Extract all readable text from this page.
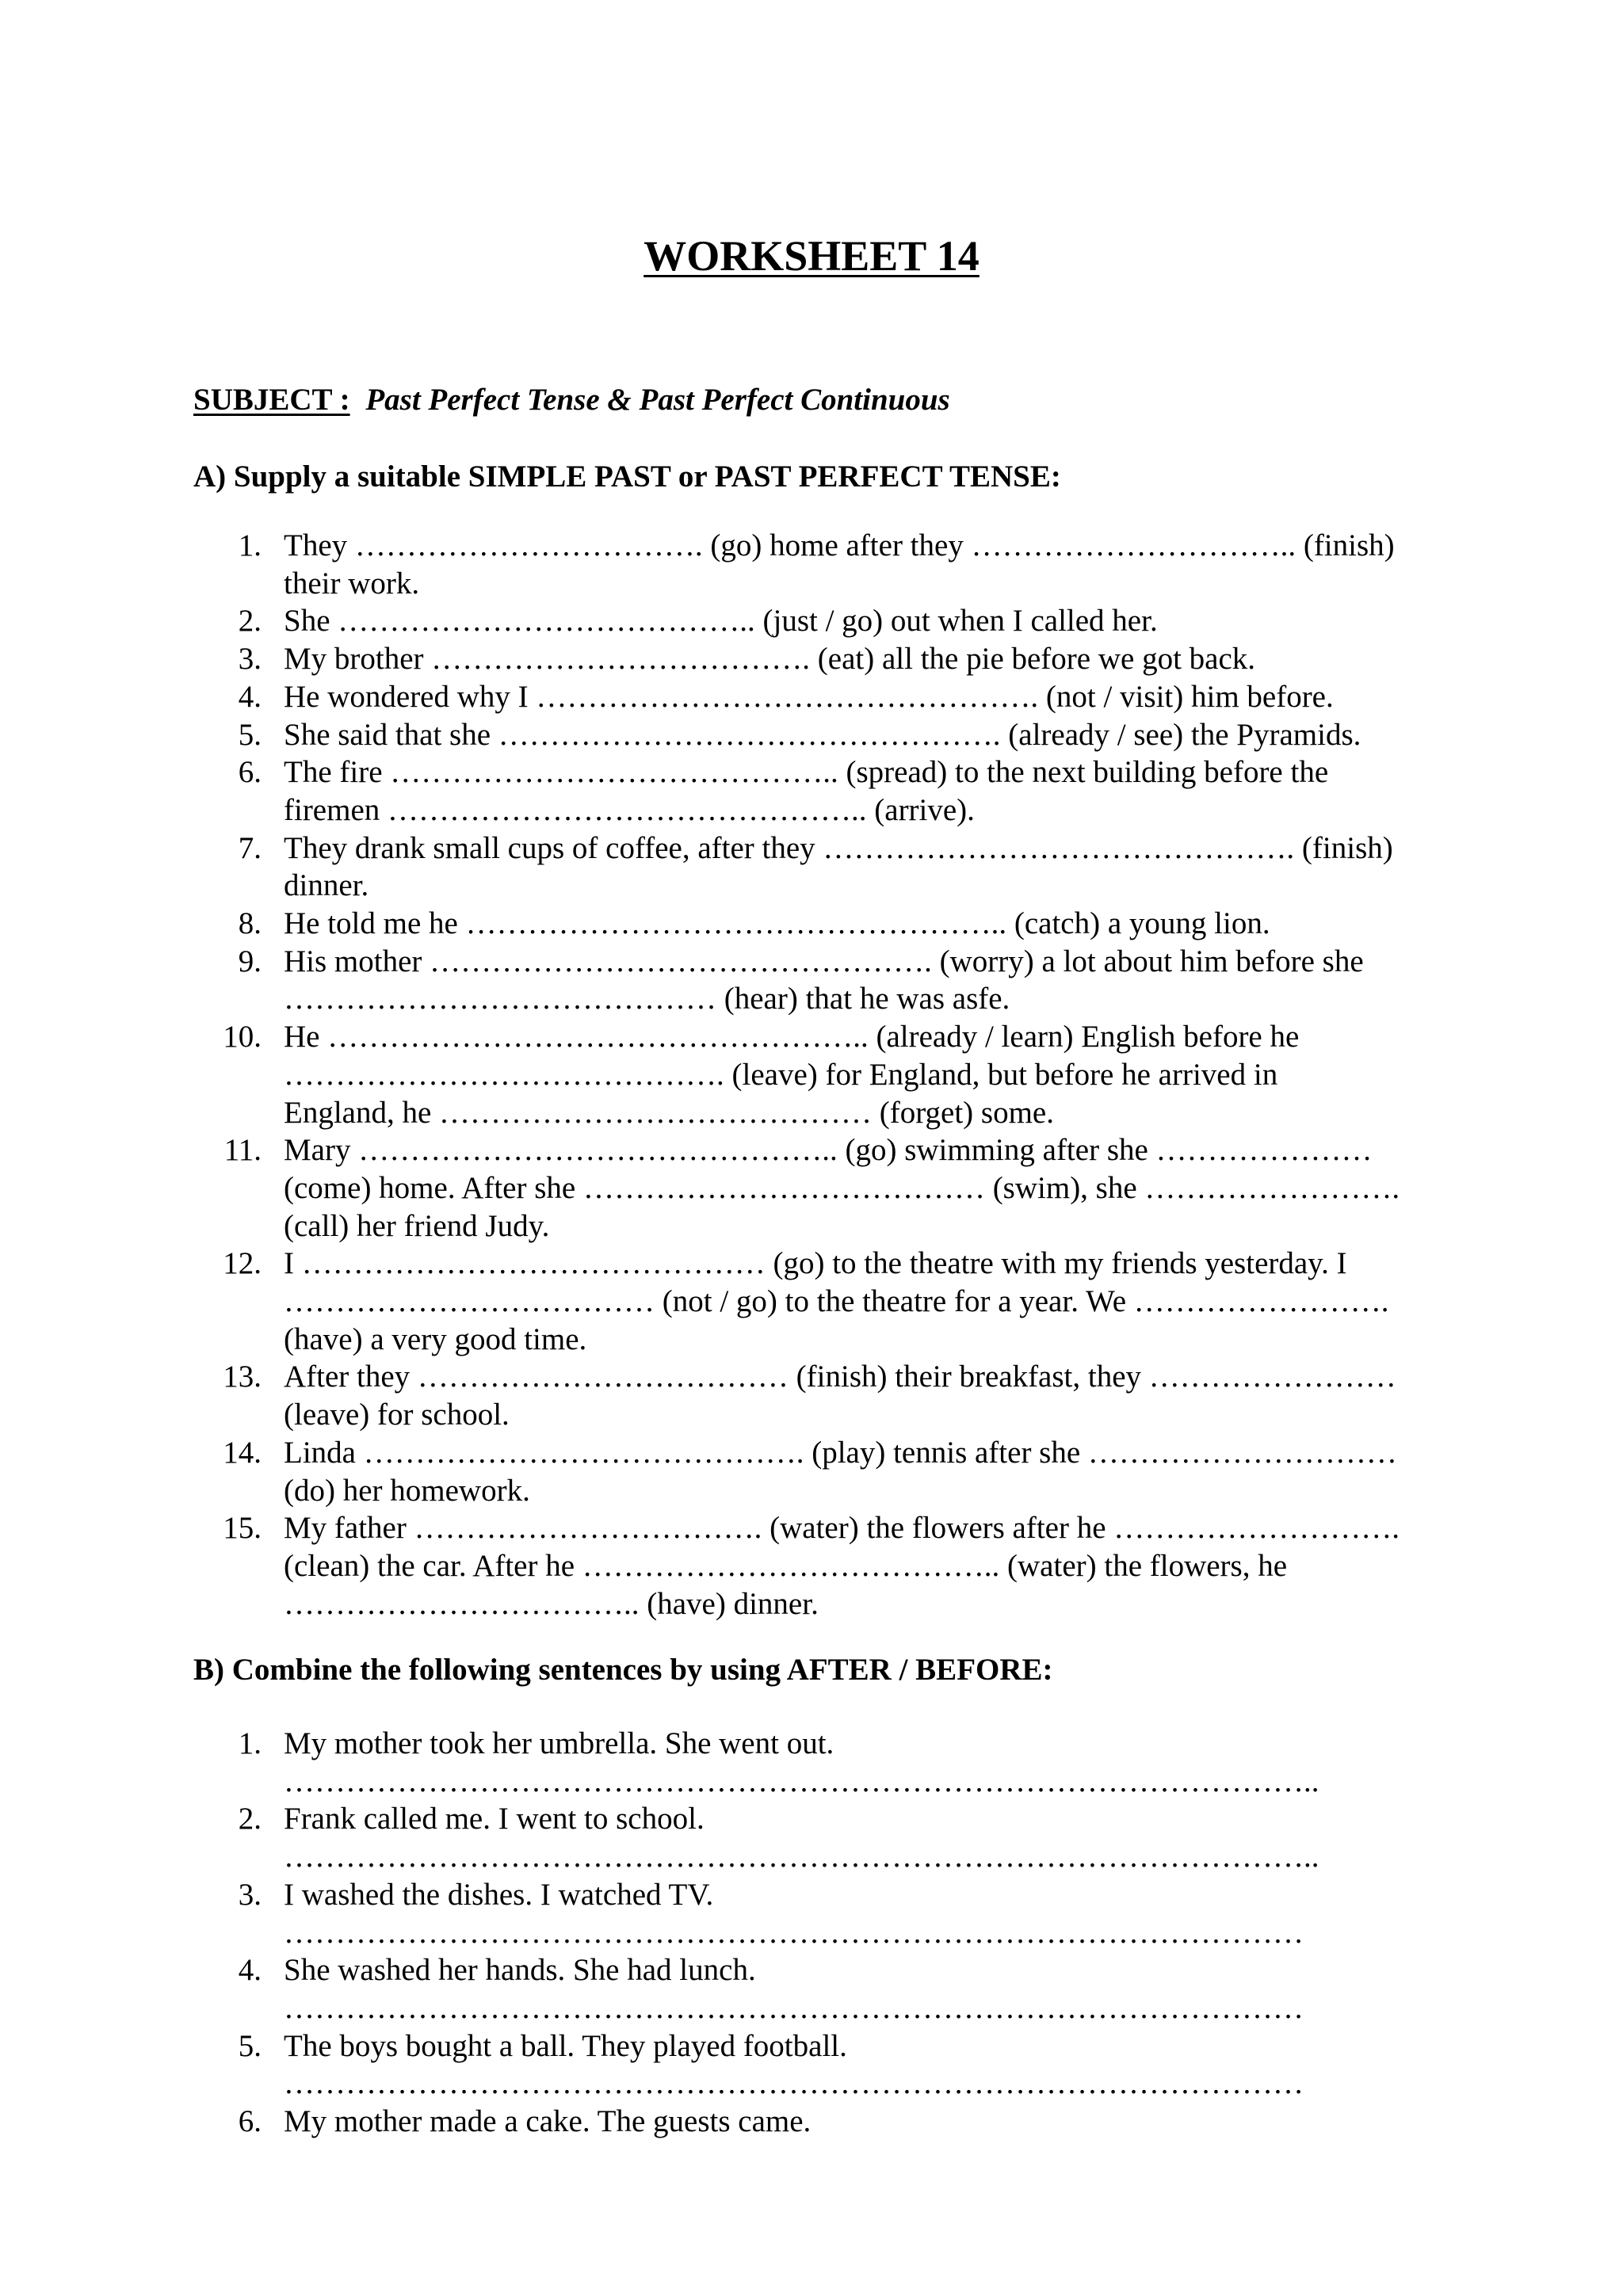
WORKSHEET 14
SUBJECT : Past Perfect Tense & Past Perfect Continuous
A) Supply a suitable SIMPLE PAST or PAST PERFECT TENSE:
1. They ……………………………. (go) home after they ………………………….. (finish)
their work.
2. She ………………………………….. (just / go) out when I called her.
3. My brother ………………………………. (eat) all the pie before we got back.
4. He wondered why I …………………………………………. (not / visit) him before.
5. She said that she …………………………………………. (already / see) the Pyramids.
6. The fire …………………………………….. (spread) to the next building before the
firemen ……………………………………….. (arrive).
7. They drank small cups of coffee, after they ………………………………………. (finish)
dinner.
8. He told me he …………………………………………….. (catch) a young lion.
9. His mother …………………………………………. (worry) a lot about him before she
…………………………………… (hear) that he was asfe.
10. He …………………………………………….. (already / learn) English before he
……………………………………. (leave) for England, but before he arrived in
England, he …………………………………… (forget) some.
11. Mary ……………………………………….. (go) swimming after she …………………
(come) home. After she ………………………………… (swim), she …………………….
(call) her friend Judy.
12. I ……………………………………… (go) to the theatre with my friends yesterday. I
……………………………… (not / go) to the theatre for a year. We …………………….
(have) a very good time.
13. After they ……………………………… (finish) their breakfast, they ……………………
(leave) for school.
14. Linda ……………………………………. (play) tennis after she …………………………
(do) her homework.
15. My father ……………………………. (water) the flowers after he ……………………….
(clean) the car. After he ………………………………….. (water) the flowers, he
…………………………….. (have) dinner.
B) Combine the following sentences by using AFTER / BEFORE:
1. My mother took her umbrella. She went out.
………………………………………………………………………………………..
2. Frank called me. I went to school.
………………………………………………………………………………………..
3. I washed the dishes. I watched TV.
………………………………………………………………………………………
4. She washed her hands. She had lunch.
………………………………………………………………………………………
5. The boys bought a ball. They played football.
………………………………………………………………………………………
6. My mother made a cake. The guests came.
